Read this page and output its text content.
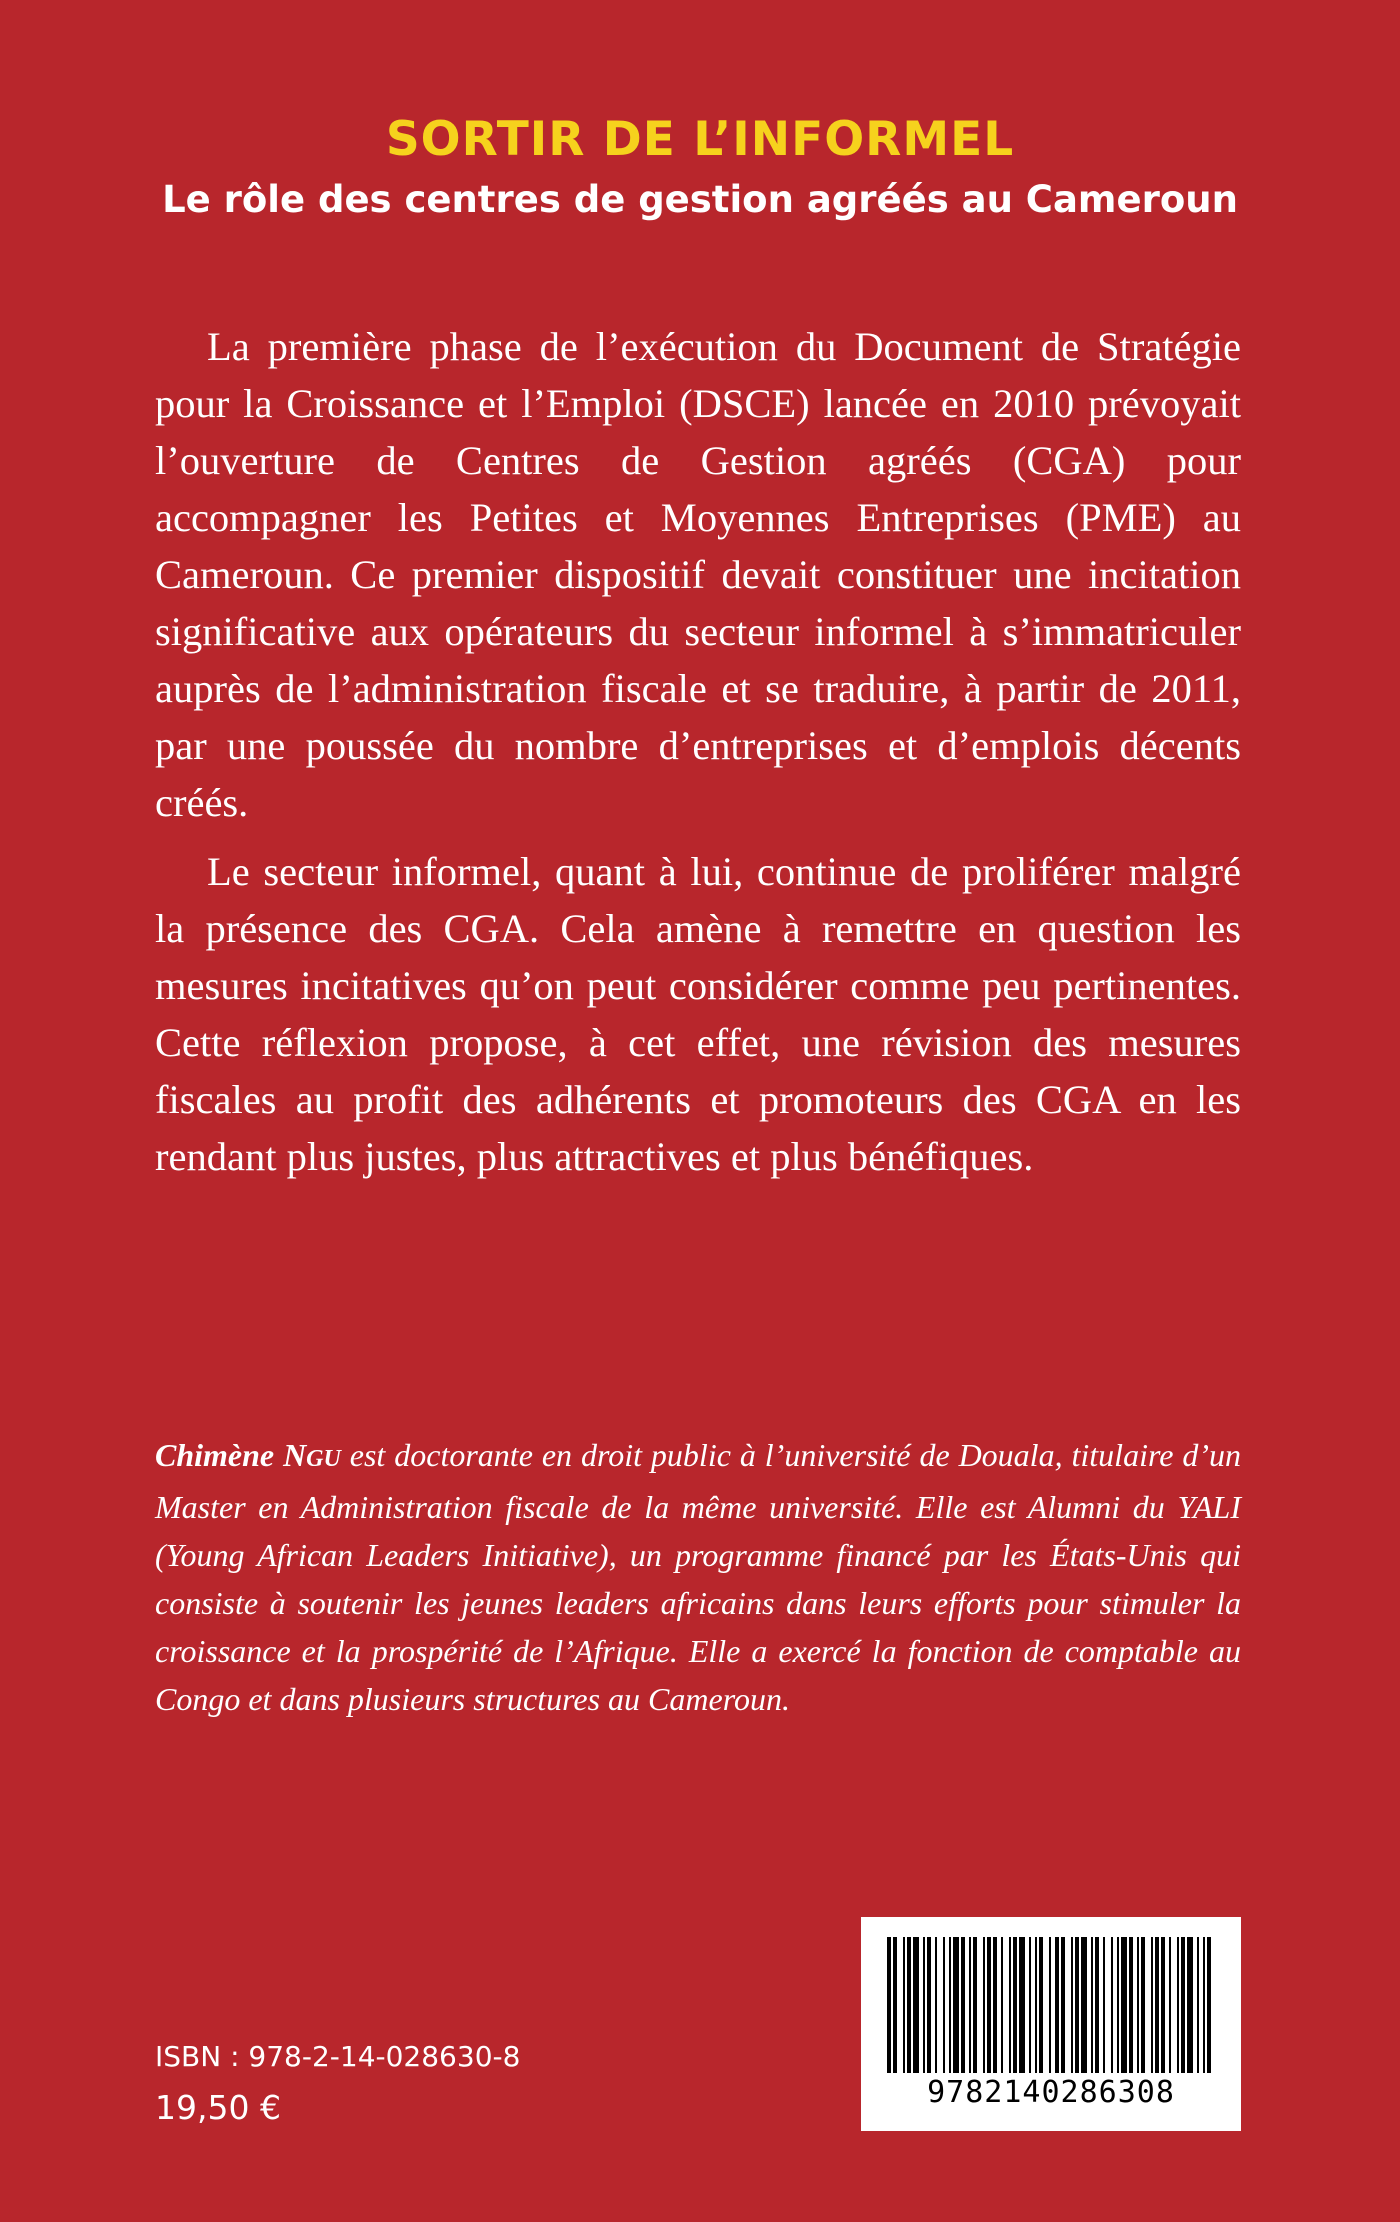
SORTIR DE L’INFORMEL
Le rôle des centres de gestion agréés au Cameroun

La première phase de l’exécution du Document de Stratégie pour la Croissance et l’Emploi (DSCE) lancée en 2010 prévoyait l’ouverture de Centres de Gestion agréés (CGA) pour accompagner les Petites et Moyennes Entreprises (PME) au Cameroun. Ce premier dispositif devait constituer une incitation significative aux opérateurs du secteur informel à s’immatriculer auprès de l’administration fiscale et se traduire, à partir de 2011, par une poussée du nombre d’entreprises et d’emplois décents créés.

Le secteur informel, quant à lui, continue de proliférer malgré la présence des CGA. Cela amène à remettre en question les mesures incitatives qu’on peut considérer comme peu pertinentes. Cette réflexion propose, à cet effet, une révision des mesures fiscales au profit des adhérents et promoteurs des CGA en les rendant plus justes, plus attractives et plus bénéfiques.

Chimène NGU est doctorante en droit public à l’université de Douala, titulaire d’un Master en Administration fiscale de la même université. Elle est Alumni du YALI (Young African Leaders Initiative), un programme financé par les États-Unis qui consiste à soutenir les jeunes leaders africains dans leurs efforts pour stimuler la croissance et la prospérité de l’Afrique. Elle a exercé la fonction de comptable au Congo et dans plusieurs structures au Cameroun.
ISBN : 978-2-14-028630-8
19,50 €	9782140286308
